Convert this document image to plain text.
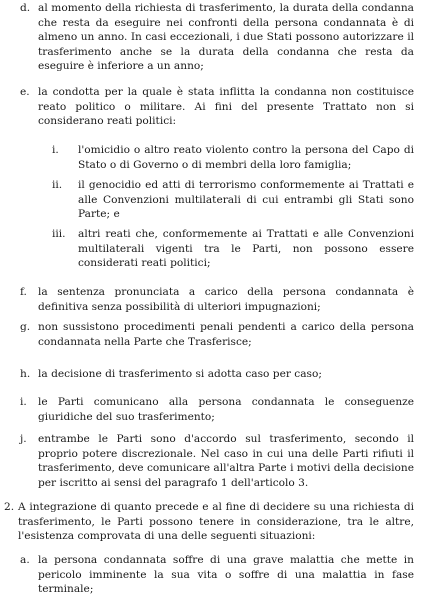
d. al momento della richiesta di trasferimento, la durata della condanna che resta da eseguire nei confronti della persona condannata è di almeno un anno. In casi eccezionali, i due Stati possono autorizzare il trasferimento anche se la durata della condanna che resta da eseguire è inferiore a un anno;
e. la condotta per la quale è stata inflitta la condanna non costituisce reato politico o militare. Ai fini del presente Trattato non si considerano reati politici:
i.	l'omicidio o altro reato violento contro la persona del Capo di Stato o di Governo o di membri della loro famiglia;
ii.	il genocidio ed atti di terrorismo conformemente ai Trattati e alle Convenzioni multilaterali di cui entrambi gli Stati sono Parte; e
iii.	altri reati che, conformemente ai Trattati e alle Convenzioni multilaterali vigenti tra le Parti, non possono essere considerati reati politici;
f.	la sentenza pronunciata a carico della persona condannata è definitiva senza possibilità di ulteriori impugnazioni;
g. non sussistono procedimenti penali pendenti a carico della persona condannata nella Parte che Trasferisce;
h. la decisione di trasferimento si adotta caso per caso;
i.	le Parti comunicano alla persona condannata le conseguenze giuridiche del suo trasferimento;
j.	entrambe le Parti sono d'accordo sul trasferimento, secondo il proprio potere discrezionale. Nel caso in cui una delle Parti rifiuti il trasferimento, deve comunicare all'altra Parte i motivi della decisione per iscritto ai sensi del paragrafo 1 dell'articolo 3.
2. A integrazione di quanto precede e al fine di decidere su una richiesta di trasferimento, le Parti possono tenere in considerazione, tra le altre, l'esistenza comprovata di una delle seguenti situazioni:
a. la persona condannata soffre di una grave malattia che mette in pericolo imminente la sua vita o soffre di una malattia in fase terminale;
